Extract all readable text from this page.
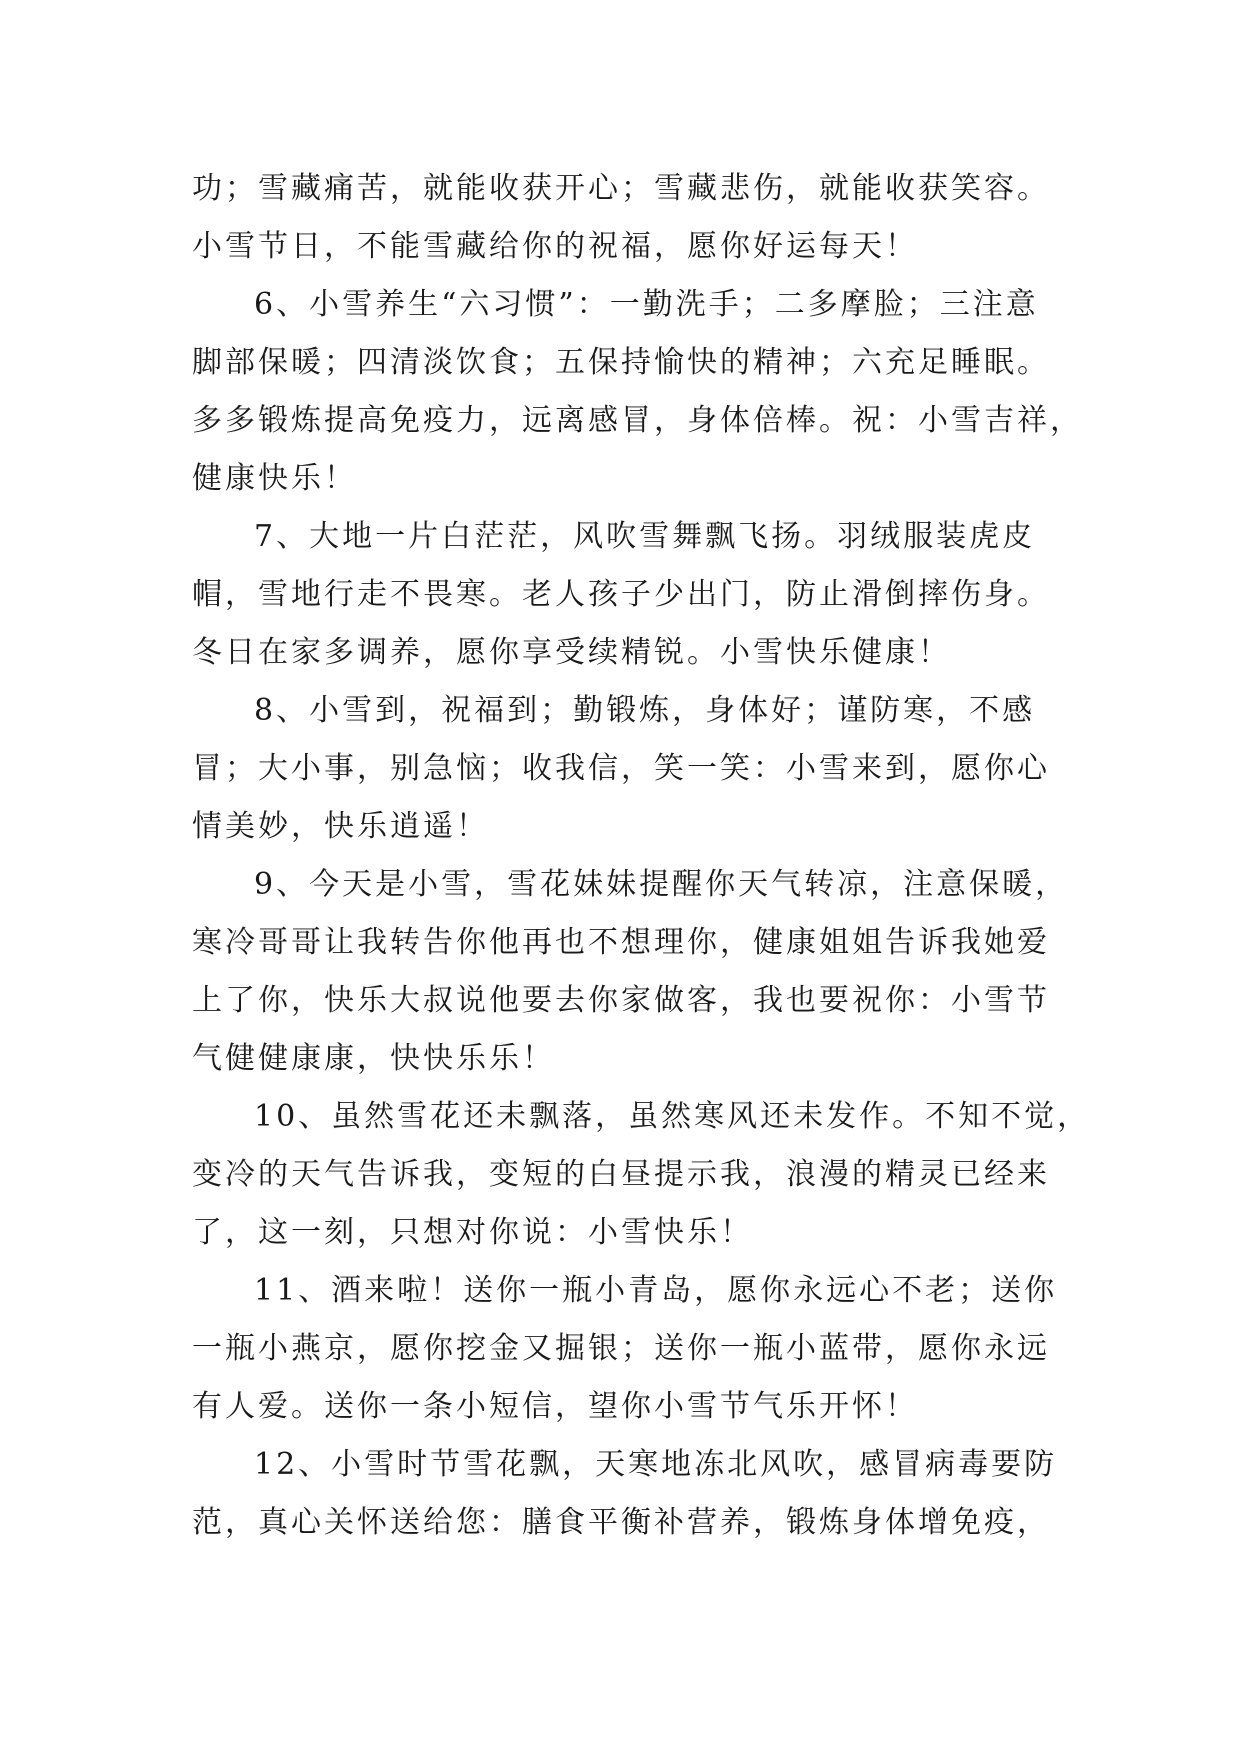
功；雪藏痛苦，就能收获开心；雪藏悲伤，就能收获笑容。
小雪节日，不能雪藏给你的祝福，愿你好运每天！
6、小雪养生“六习惯”：一勤洗手；二多摩脸；三注意
脚部保暖；四清淡饮食；五保持愉快的精神；六充足睡眠。
多多锻炼提高免疫力，远离感冒，身体倍棒。祝：小雪吉祥，
健康快乐！
7、大地一片白茫茫，风吹雪舞飘飞扬。羽绒服装虎皮
帽，雪地行走不畏寒。老人孩子少出门，防止滑倒摔伤身。
冬日在家多调养，愿你享受续精锐。小雪快乐健康！
8、小雪到，祝福到；勤锻炼，身体好；谨防寒，不感
冒；大小事，别急恼；收我信，笑一笑：小雪来到，愿你心
情美妙，快乐逍遥！
9、今天是小雪，雪花妹妹提醒你天气转凉，注意保暖，
寒冷哥哥让我转告你他再也不想理你，健康姐姐告诉我她爱
上了你，快乐大叔说他要去你家做客，我也要祝你：小雪节
气健健康康，快快乐乐！
10、虽然雪花还未飘落，虽然寒风还未发作。不知不觉，
变冷的天气告诉我，变短的白昼提示我，浪漫的精灵已经来
了，这一刻，只想对你说：小雪快乐！
11、酒来啦！送你一瓶小青岛，愿你永远心不老；送你
一瓶小燕京，愿你挖金又掘银；送你一瓶小蓝带，愿你永远
有人爱。送你一条小短信，望你小雪节气乐开怀！
12、小雪时节雪花飘，天寒地冻北风吹，感冒病毒要防
范，真心关怀送给您：膳食平衡补营养，锻炼身体增免疫，
